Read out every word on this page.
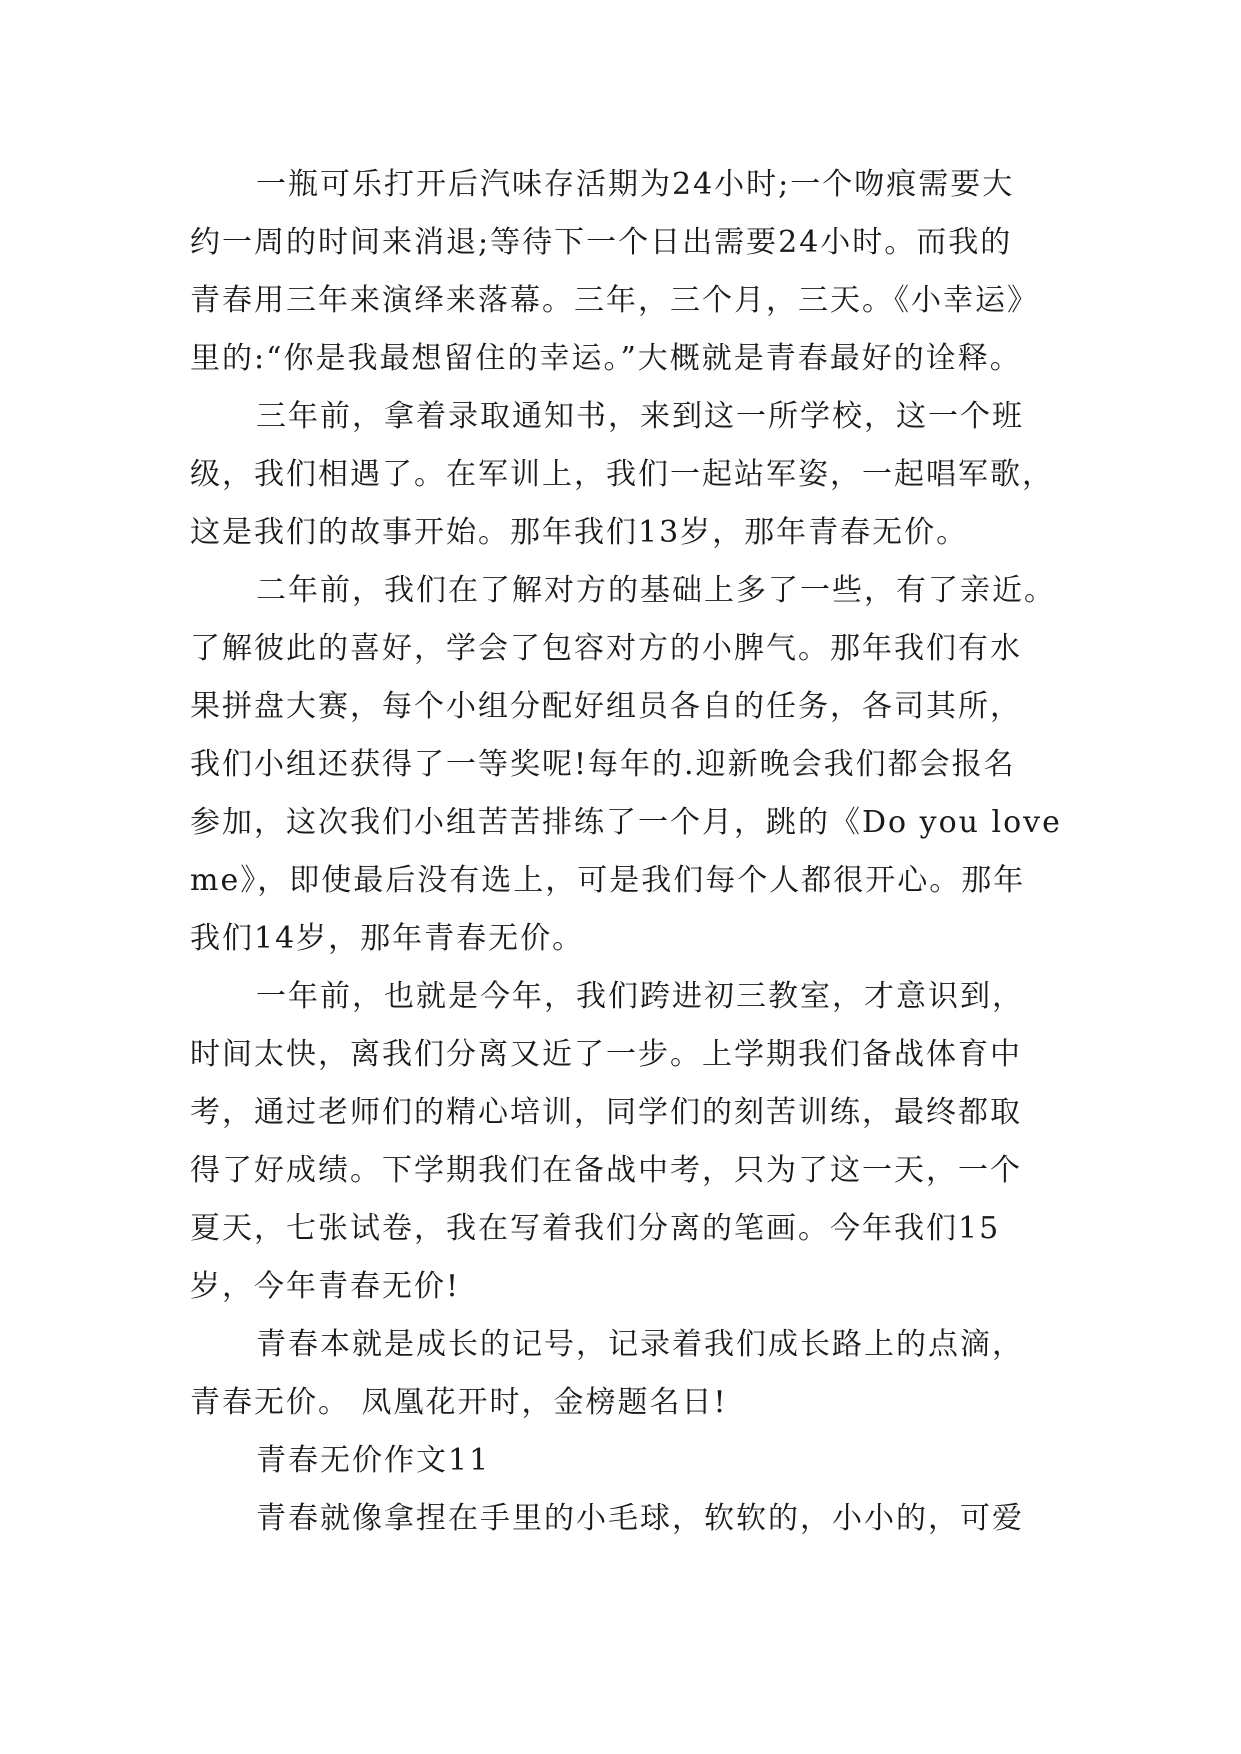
一瓶可乐打开后汽味存活期为24小时;一个吻痕需要大
约一周的时间来消退;等待下一个日出需要24小时。而我的
青春用三年来演绎来落幕。三年，三个月，三天。《小幸运》
里的:“你是我最想留住的幸运。”大概就是青春最好的诠释。
三年前，拿着录取通知书，来到这一所学校，这一个班
级，我们相遇了。在军训上，我们一起站军姿，一起唱军歌，
这是我们的故事开始。那年我们13岁，那年青春无价。
二年前，我们在了解对方的基础上多了一些，有了亲近。
了解彼此的喜好，学会了包容对方的小脾气。那年我们有水
果拼盘大赛，每个小组分配好组员各自的任务，各司其所，
我们小组还获得了一等奖呢!每年的.迎新晚会我们都会报名
参加，这次我们小组苦苦排练了一个月，跳的《Do you love
me》，即使最后没有选上，可是我们每个人都很开心。那年
我们14岁，那年青春无价。
一年前，也就是今年，我们跨进初三教室，才意识到，
时间太快，离我们分离又近了一步。上学期我们备战体育中
考，通过老师们的精心培训，同学们的刻苦训练，最终都取
得了好成绩。下学期我们在备战中考，只为了这一天，一个
夏天，七张试卷，我在写着我们分离的笔画。今年我们15
岁，今年青春无价!
青春本就是成长的记号，记录着我们成长路上的点滴，
青春无价。 凤凰花开时，金榜题名日!
青春无价作文11
青春就像拿捏在手里的小毛球，软软的，小小的，可爱
